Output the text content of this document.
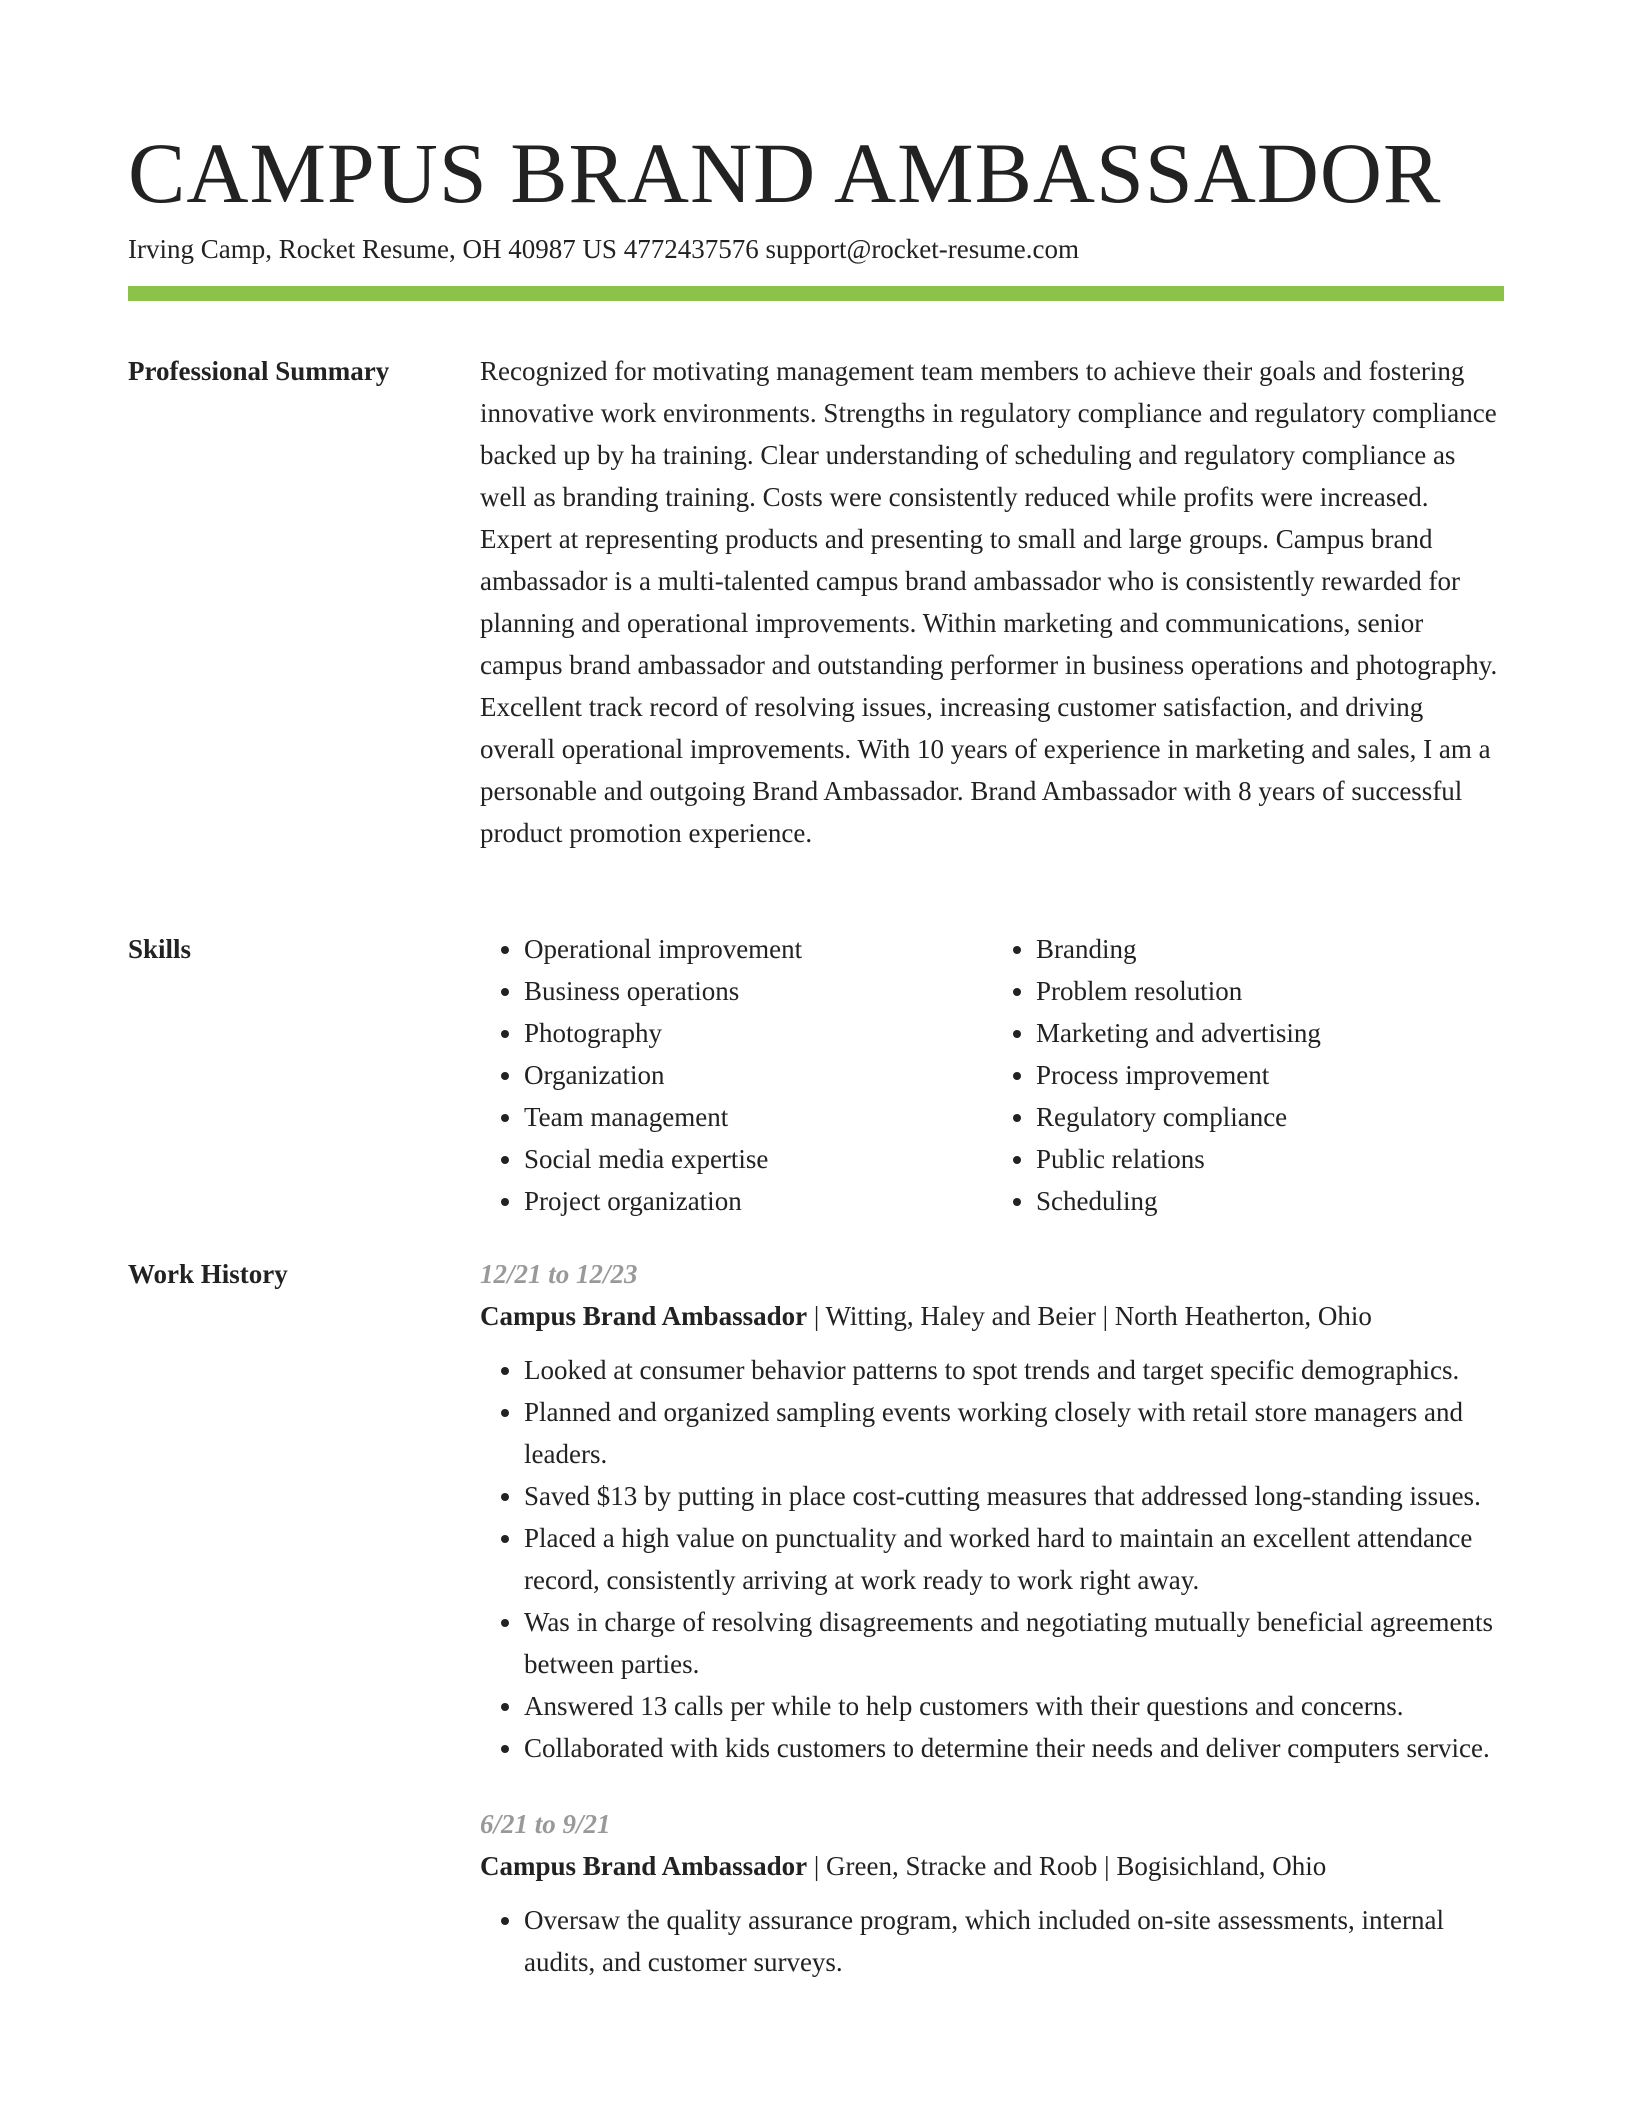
CAMPUS BRAND AMBASSADOR

Irving Camp, Rocket Resume, OH 40987 US 4772437576 support@rocket-resume.com

Professional Summary	Recognized for motivating management team members to achieve their goals and fostering innovative work environments. Strengths in regulatory compliance and regulatory compliance backed up by ha training. Clear understanding of scheduling and regulatory compliance as well as branding training. Costs were consistently reduced while profits were increased. Expert at representing products and presenting to small and large groups. Campus brand ambassador is a multi-talented campus brand ambassador who is consistently rewarded for planning and operational improvements. Within marketing and communications, senior campus brand ambassador and outstanding performer in business operations and photography. Excellent track record of resolving issues, increasing customer satisfaction, and driving overall operational improvements. With 10 years of experience in marketing and sales, I am a personable and outgoing Brand Ambassador. Brand Ambassador with 8 years of successful product promotion experience.

Skills
•	Operational improvement
• Business operations
• Photography
• Organization
• Team management
• Social media expertise
• Project organization
• Branding
• Problem resolution
• Marketing and advertising
• Process improvement
• Regulatory compliance
• Public relations
• Scheduling
Work History	12/21 to 12/23

Campus Brand Ambassador | Witting, Haley and Beier | North Heatherton, Ohio

• Looked at consumer behavior patterns to spot trends and target specific demographics.
• Planned and organized sampling events working closely with retail store managers and leaders.
• Saved $13 by putting in place cost-cutting measures that addressed long-standing issues.
• Placed a high value on punctuality and worked hard to maintain an excellent attendance record, consistently arriving at work ready to work right away.
• Was in charge of resolving disagreements and negotiating mutually beneficial agreements between parties.
• Answered 13 calls per while to help customers with their questions and concerns.
• Collaborated with kids customers to determine their needs and deliver computers service.

6/21 to 9/21

Campus Brand Ambassador | Green, Stracke and Roob | Bogisichland, Ohio

• Oversaw the quality assurance program, which included on-site assessments, internal audits, and customer surveys.
